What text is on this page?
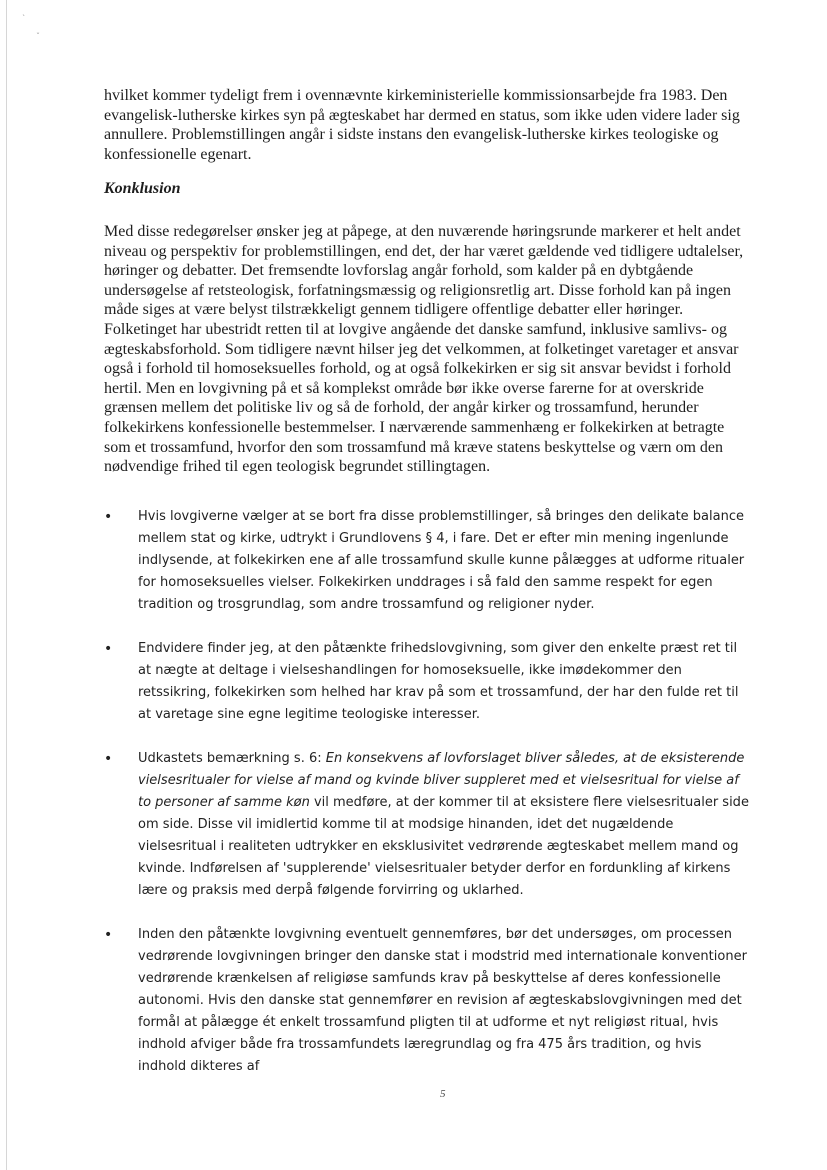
ˋ
ˇ

hvilket kommer tydeligt frem i ovennævnte kirkeministerielle kommissionsarbejde fra 1983. Den evangelisk-lutherske kirkes syn på ægteskabet har dermed en status, som ikke uden videre lader sig annullere. Problemstillingen angår i sidste instans den evangelisk-lutherske kirkes teologiske og konfessionelle egenart.

Konklusion

Med disse redegørelser ønsker jeg at påpege, at den nuværende høringsrunde markerer et helt andet niveau og perspektiv for problemstillingen, end det, der har været gældende ved tidligere udtalelser, høringer og debatter. Det fremsendte lovforslag angår forhold, som kalder på en dybtgående undersøgelse af retsteologisk, forfatningsmæssig og religionsretlig art. Disse forhold kan på ingen måde siges at være belyst tilstrækkeligt gennem tidligere offentlige debatter eller høringer. Folketinget har ubestridt retten til at lovgive angående det danske samfund, inklusive samlivs- og ægteskabsforhold. Som tidligere nævnt hilser jeg det velkommen, at folketinget varetager et ansvar også i forhold til homoseksuelles forhold, og at også folkekirken er sig sit ansvar bevidst i forhold hertil. Men en lovgivning på et så komplekst område bør ikke overse farerne for at overskride grænsen mellem det politiske liv og så de forhold, der angår kirker og trossamfund, herunder folkekirkens konfessionelle bestemmelser. I nærværende sammenhæng er folkekirken at betragte som et trossamfund, hvorfor den som trossamfund må kræve statens beskyttelse og værn om den nødvendige frihed til egen teologisk begrundet stillingtagen.

• Hvis lovgiverne vælger at se bort fra disse problemstillinger, så bringes den delikate balance mellem stat og kirke, udtrykt i Grundlovens § 4, i fare. Det er efter min mening ingenlunde indlysende, at folkekirken ene af alle trossamfund skulle kunne pålægges at udforme ritualer for homoseksuelles vielser. Folkekirken unddrages i så fald den samme respekt for egen tradition og trosgrundlag, som andre trossamfund og religioner nyder.
• Endvidere finder jeg, at den påtænkte frihedslovgivning, som giver den enkelte præst ret til at nægte at deltage i vielseshandlingen for homoseksuelle, ikke imødekommer den retssikring, folkekirken som helhed har krav på som et trossamfund, der har den fulde ret til at varetage sine egne legitime teologiske interesser.
• Udkastets bemærkning s. 6: En konsekvens af lovforslaget bliver således, at de eksisterende vielsesritualer for vielse af mand og kvinde bliver suppleret med et vielsesritual for vielse af to personer af samme køn vil medføre, at der kommer til at eksistere flere vielsesritualer side om side. Disse vil imidlertid komme til at modsige hinanden, idet det nugældende vielsesritual i realiteten udtrykker en eksklusivitet vedrørende ægteskabet mellem mand og kvinde. Indførelsen af 'supplerende' vielsesritualer betyder derfor en fordunkling af kirkens lære og praksis med derpå følgende forvirring og uklarhed.
• Inden den påtænkte lovgivning eventuelt gennemføres, bør det undersøges, om processen vedrørende lovgivningen bringer den danske stat i modstrid med internationale konventioner vedrørende krænkelsen af religiøse samfunds krav på beskyttelse af deres konfessionelle autonomi. Hvis den danske stat gennemfører en revision af ægteskabslovgivningen med det formål at pålægge ét enkelt trossamfund pligten til at udforme et nyt religiøst ritual, hvis indhold afviger både fra trossamfundets læregrundlag og fra 475 års tradition, og hvis indhold dikteres af
5
